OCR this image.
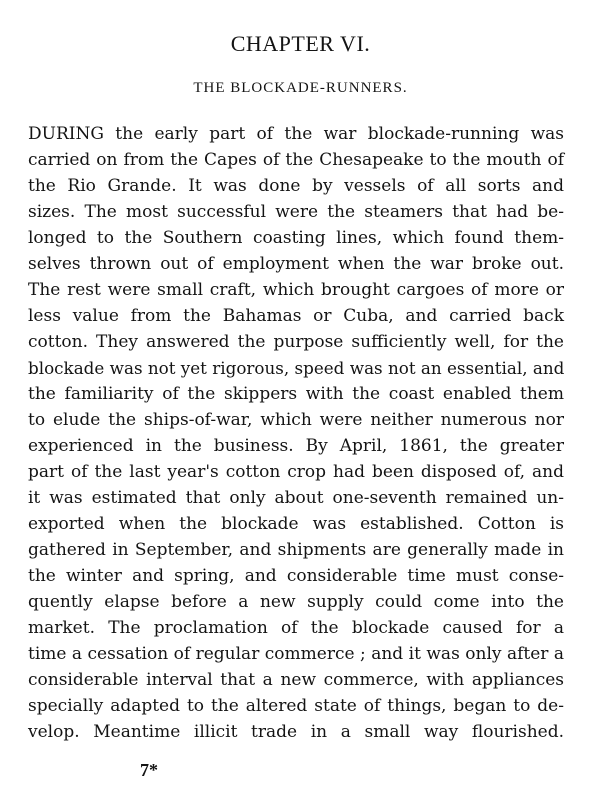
CHAPTER VI.
THE BLOCKADE-RUNNERS.
DURING the early part of the war blockade-running was
carried on from the Capes of the Chesapeake to the mouth of
the Rio Grande. It was done by vessels of all sorts and
sizes. The most successful were the steamers that had be-
longed to the Southern coasting lines, which found them-
selves thrown out of employment when the war broke out.
The rest were small craft, which brought cargoes of more or
less value from the Bahamas or Cuba, and carried back
cotton. They answered the purpose sufficiently well, for the
blockade was not yet rigorous, speed was not an essential, and
the familiarity of the skippers with the coast enabled them
to elude the ships-of-war, which were neither numerous nor
experienced in the business. By April, 1861, the greater
part of the last year's cotton crop had been disposed of, and
it was estimated that only about one-seventh remained un-
exported when the blockade was established. Cotton is
gathered in September, and shipments are generally made in
the winter and spring, and considerable time must conse-
quently elapse before a new supply could come into the
market. The proclamation of the blockade caused for a
time a cessation of regular commerce ; and it was only after a
considerable interval that a new commerce, with appliances
specially adapted to the altered state of things, began to de-
velop. Meantime illicit trade in a small way flourished.
7*
